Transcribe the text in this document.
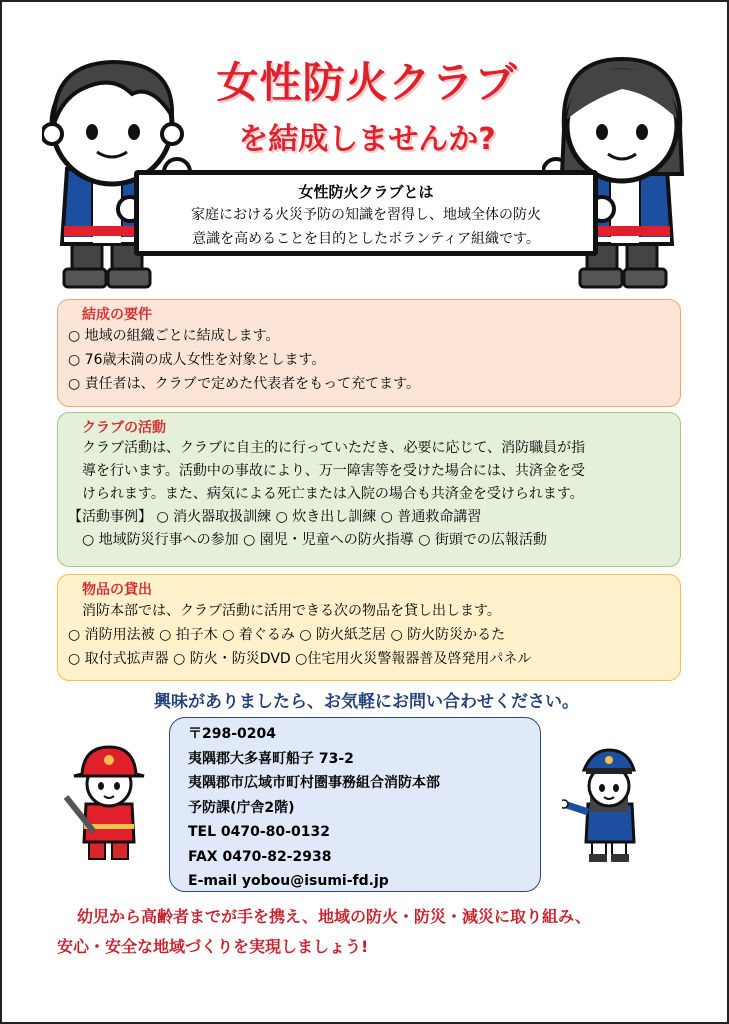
女性防火クラブ
を結成しませんか?
女性防火クラブとは
家庭における火災予防の知識を習得し、地域全体の防火
意識を高めることを目的としたボランティア組織です。
結成の要件
○ 地域の組織ごとに結成します。
○ 76歳未満の成人女性を対象とします。
○ 責任者は、クラブで定めた代表者をもって充てます。
クラブの活動
クラブ活動は、クラブに自主的に行っていただき、必要に応じて、消防職員が指
導を行います。活動中の事故により、万一障害等を受けた場合には、共済金を受
けられます。また、病気による死亡または入院の場合も共済金を受けられます。
【活動事例】 ○ 消火器取扱訓練 ○ 炊き出し訓練 ○ 普通救命講習
○ 地域防災行事への参加 ○ 園児・児童への防火指導 ○ 街頭での広報活動
物品の貸出
消防本部では、クラブ活動に活用できる次の物品を貸し出します。
○ 消防用法被 ○ 拍子木 ○ 着ぐるみ ○ 防火紙芝居 ○ 防火防災かるた
○ 取付式拡声器 ○ 防火・防災DVD ○住宅用火災警報器普及啓発用パネル
興味がありましたら、お気軽にお問い合わせください。
〒298-0204
夷隅郡大多喜町船子 73-2
夷隅郡市広域市町村圏事務組合消防本部
予防課(庁舎2階)
TEL 0470-80-0132
FAX 0470-82-2938
E-mail yobou@isumi-fd.jp
幼児から高齢者までが手を携え、地域の防火・防災・減災に取り組み、
安心・安全な地域づくりを実現しましょう!
